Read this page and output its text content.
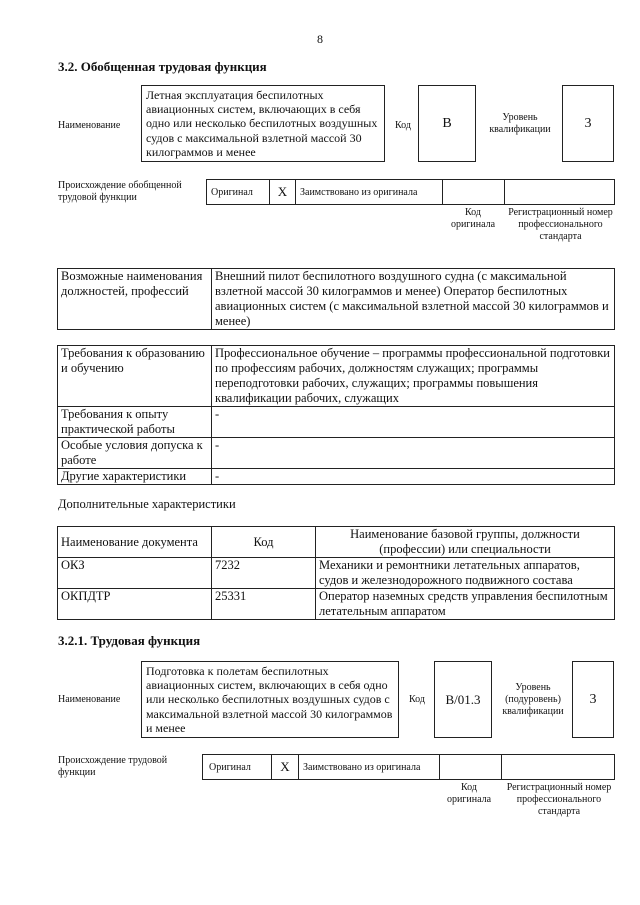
8
3.2. Обобщенная трудовая функция
Наименование
Летная эксплуатация беспилотных авиационных систем, включающих в себя одно или несколько беспилотных воздушных судов с максимальной взлетной массой 30 килограммов и менее
Код	B	Уровень квалификации	3
Происхождение обобщенной трудовой функции	Оригинал	X	Заимствовано из оригинала
Код оригинала
Регистрационный номер профессионального стандарта
Возможные наименования должностей, профессий	Внешний пилот беспилотного воздушного судна (с максимальной взлетной массой 30 килограммов и менее) Оператор беспилотных авиационных систем (с максимальной взлетной массой 30 килограммов и менее)
Требования к образованию и обучению	Профессиональное обучение – программы профессиональной подготовки по профессиям рабочих, должностям служащих; программы переподготовки рабочих, служащих; программы повышения квалификации рабочих, служащих
Требования к опыту практической работы	-
Особые условия допуска к работе	-
Другие характеристики	-
Дополнительные характеристики
Наименование документа	Код	Наименование базовой группы, должности (профессии) или специальности
ОКЗ	7232	Механики и ремонтники летательных аппаратов, судов и железнодорожного подвижного состава
ОКПДТР	25331	Оператор наземных средств управления беспилотным летательным аппаратом
3.2.1. Трудовая функция
Наименование
Подготовка к полетам беспилотных авиационных систем, включающих в себя одно или несколько беспилотных воздушных судов с максимальной взлетной массой 30 килограммов и менее
Код	B/01.3
Уровень (подуровень) квалификации
3
Происхождение трудовой функции	Оригинал	X	Заимствовано из оригинала
Код оригинала
Регистрационный номер профессионального стандарта
